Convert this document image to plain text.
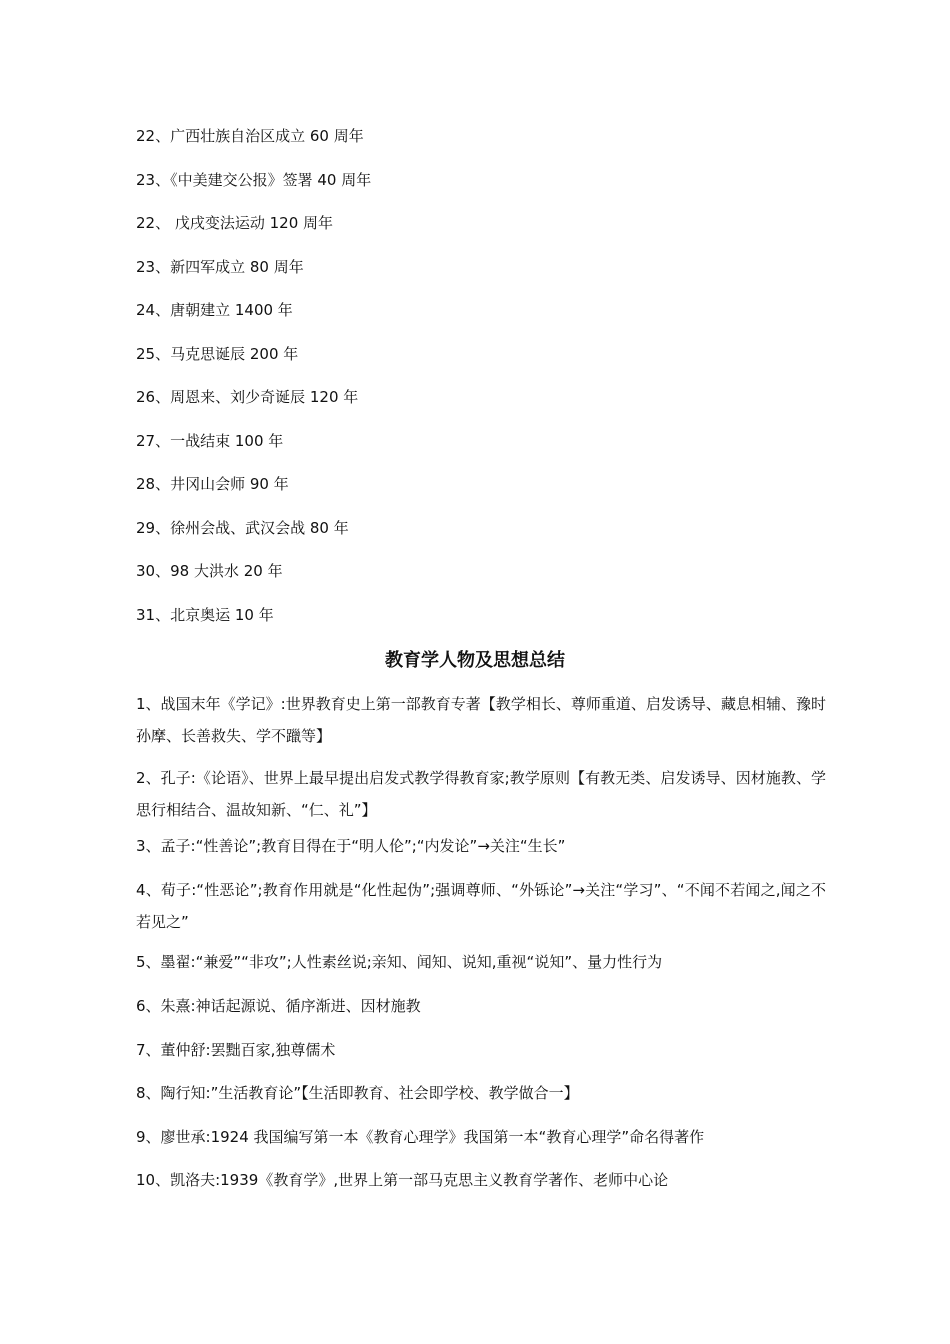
22、广西壮族自治区成立 60 周年
23、《中美建交公报》签署 40 周年
22、 戊戌变法运动 120 周年
23、新四军成立 80 周年
24、唐朝建立 1400 年
25、马克思诞辰 200 年
26、周恩来、刘少奇诞辰 120 年
27、一战结束 100 年
28、井冈山会师 90 年
29、徐州会战、武汉会战 80 年
30、98 大洪水 20 年
31、北京奥运 10 年
教育学人物及思想总结
1、战国末年《学记》:世界教育史上第一部教育专著【教学相长、尊师重道、启发诱导、藏息相辅、豫时孙摩、长善救失、学不躐等】
2、孔子:《论语》、世界上最早提出启发式教学得教育家;教学原则【有教无类、启发诱导、因材施教、学思行相结合、温故知新、“仁、礼”】
3、孟子:“性善论”;教育目得在于“明人伦”;“内发论”→关注“生长”
4、荀子:“性恶论”;教育作用就是“化性起伪”;强调尊师、“外铄论”→关注“学习”、“不闻不若闻之,闻之不若见之”
5、墨翟:“兼爱”“非攻”;人性素丝说;亲知、闻知、说知,重视“说知”、量力性行为
6、朱熹:神话起源说、循序渐进、因材施教
7、董仲舒:罢黜百家,独尊儒术
8、陶行知:”生活教育论”【生活即教育、社会即学校、教学做合一】
9、廖世承:1924 我国编写第一本《教育心理学》我国第一本“教育心理学”命名得著作
10、凯洛夫:1939《教育学》,世界上第一部马克思主义教育学著作、老师中心论
